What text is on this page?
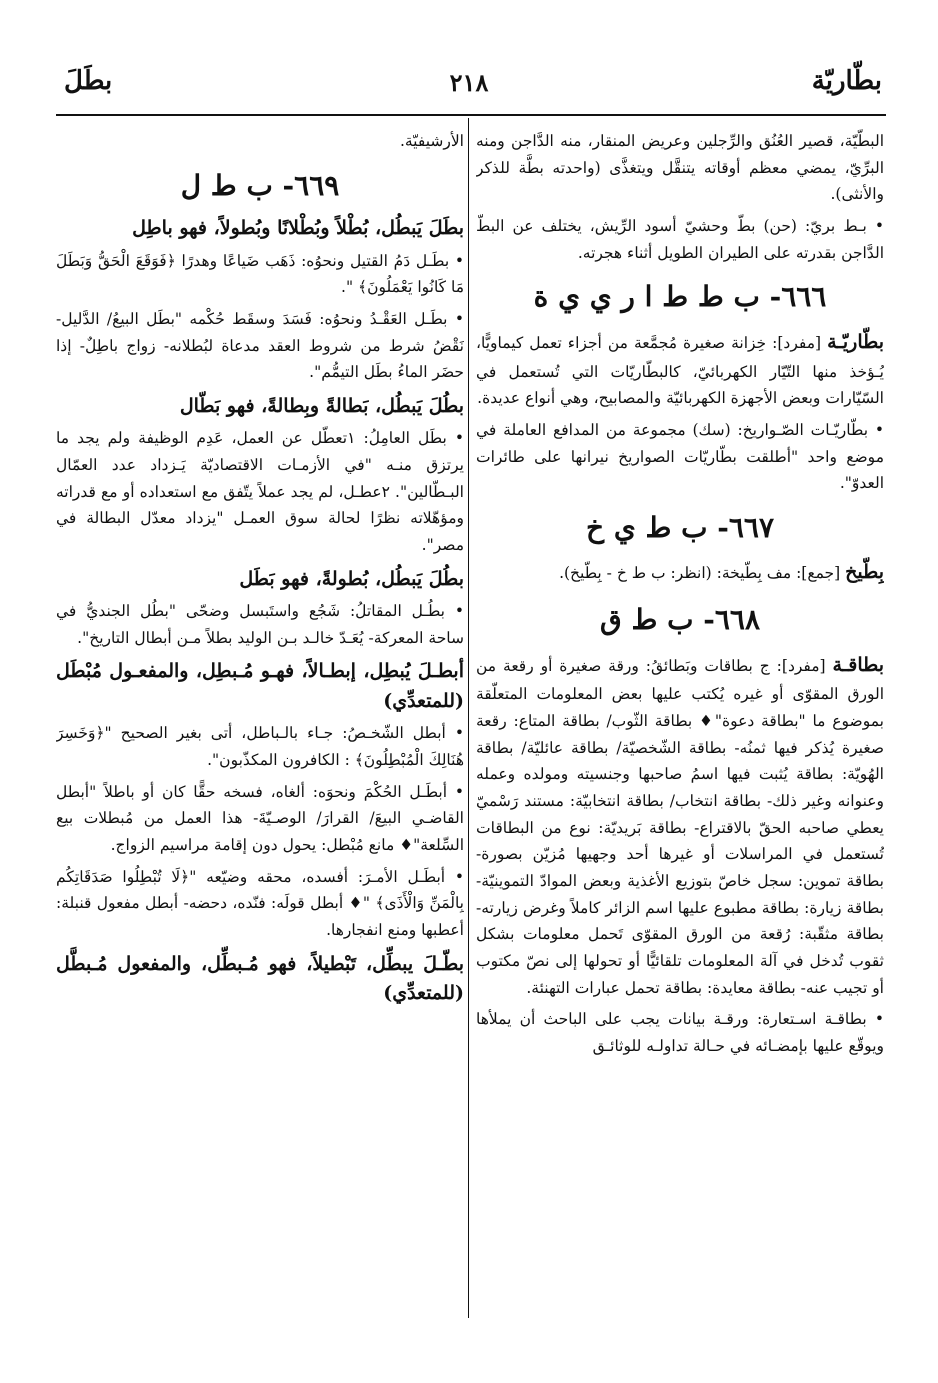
بطّاريّة
٢١٨
بطَلَ

البطّيّة، قصير العُنُق والرِّجلين وعريض المنقار، منه الدَّاجن ومنه البرِّيّ، يمضي معظم أوقاته يتنقَّل ويتغذَّى (واحدته بطَّة للذكر والأنثى).

• بـط بريّ: (حن) بطّ وحشيّ أسود الرِّيش، يختلف عن البطّ الدَّاجن بقدرته على الطيران الطويل أثناء هجرته.

٦٦٦- ب ط ط ا ر ي ي ة

بطّاريّـة [مفرد]: خِزانة صغيرة مُجمَّعة من أجزاء تعمل كيماويًّا، يُـؤخذ منها التّيّار الكهربائيّ، كالبطّاريّات التي تُستعمل في السّيّارات وبعض الأجهزة الكهربائيّة والمصابيح، وهي أنواع عديدة.

• بطّاريّـات الصّـواريخ: (سك) مجموعة من المدافع العاملة في موضع واحد "أطلقت بطّاريّات الصواريخ نيرانها على طائرات العدوّ".

٦٦٧- ب ط ي خ

بِطّيخ [جمع]: مف بِطّيخة: (انظر: ب ط خ - بِطّيخ).

٦٦٨- ب ط ق

بطاقـة [مفرد]: ج بطاقات وبَطائقُ: ورقة صغيرة أو رقعة من الورق المقوّى أو غيره يُكتب عليها بعض المعلومات المتعلّقة بموضوع ما "بطاقة دعوة"♦ بطاقة الثّوب/ بطاقة المتاع: رقعة صغيرة يُذكر فيها ثمنُه- بطاقة الشّخصيّة/ بطاقة عائليّة/ بطاقة الهُويّة: بطاقة يُثبت فيها اسمُ صاحبها وجنسيته ومولده وعمله وعنوانه وغير ذلك- بطاقة انتخاب/ بطاقة انتخابيّة: مستند رَسْميّ يعطي صاحبه الحقّ بالاقتراع- بطاقة بَريديّة: نوع من البطاقات تُستعمل في المراسلات أو غيرها أحد وجهيها مُزيّن بصورة- بطاقة تموين: سجل خاصّ بتوزيع الأغذية وبعض الموادّ التموينيّة- بطاقة زيارة: بطاقة مطبوع عليها اسم الزائر كاملاً وغرض زيارته- بطاقة مثقّبة: رُقعة من الورق المقوّى تَحمل معلومات بشكل ثقوب تُدخل في آلة المعلومات تلقائيًّا أو تحولها إلى نصّ مكتوب أو تجيب عنه- بطاقة معايدة: بطاقة تحمل عبارات التهنئة.

• بطاقـة اسـتعارة: ورقـة بيانات يجب على الباحث أن يملأها ويوقّع عليها بإمضـائه في حـالة تداولـه للوثائـق

الأرشيفيّة.

٦٦٩- ب ط ل
بطَلَ يَبطُل، بُطْلاً وبُطْلانًا وبُطولاً، فهو باطِل

• بطَـل دَمُ القتيل ونحوُه: ذَهَب ضَياعًا وهدرًا ﴿فَوَقَعَ الْحَقُّ وَبَطَلَ مَا كَانُوا يَعْمَلُونَ﴾ ".

• بطَـل العَقْـدُ ونحوُه: فَسَدَ وسقَط حُكْمه "بطَل البيعُ/ الدَّليل- نَقْضُ شرط من شروط العقد مدعاة لبُطلانه- زواج باطِلٌ- إذا حضَر الماءُ بطَل التيمُّم".

بطُلَ يَبطُل، بَطالةً وبِطالةً، فهو بَطّال

• بطَل العامِلُ: ١تعطّل عن العمل، عَدِم الوظيفة ولم يجد ما يرتزق منـه "في الأزمـات الاقتصاديّة يَـزداد عدد العمّال البـطّالين". ٢عطـل، لم يجد عملاً يتّفق مع استعداده أو مع قدراته ومؤهّلاته نظرًا لحالة سوق العمـل "يزداد معدّل البطالة في مصر".

بطُلَ يَبطُل، بُطولةً، فهو بَطَل

• بطُـل المقاتلُ: شَجُع واستَبسل وضحّى "بطُل الجنديُّ في ساحة المعركة- يُعَـدّ خالـد بـن الوليد بطلاً مـن أبطال التاريخ".

أبطـلَ يُبطِل، إبطـالاً، فهـو مُـبطِل، والمفعـول مُبْطَل (للمتعدِّي)

• أبطل الشّخـصُ: جـاء بالـباطل، أتى بغير الصحيح "﴿وَخَسِرَ هُنَالِكَ الْمُبْطِلُونَ﴾ : الكافرون المكذّبون".

• أبطَـل الحُكْمَ ونحوَه: ألغاه، فسخه حقًّا كان أو باطلاً "أبطل القاضـي البيعَ/ القرارَ/ الوصـيّةَ- هذا العمل من مُبطلات بيع السِّلعة"♦ مانع مُبْطل: يحول دون إقامة مراسيم الزواج.

• أبطَـل الأمـرَ: أفسده، محقه وضيّعه "﴿لَا تُبْطِلُوا صَدَقَاتِكُم بِالْمَنِّ وَالْأَذَى﴾ "♦ أبطل قولَه: فنّده، دحضه- أبطل مفعول قنبلة: أعطبها ومنع انفجارها.

بطّـلَ يبطِّل، تَبْطيلاً، فهو مُـبطِّل، والمفعول مُـبطَّل (للمتعدِّي)
